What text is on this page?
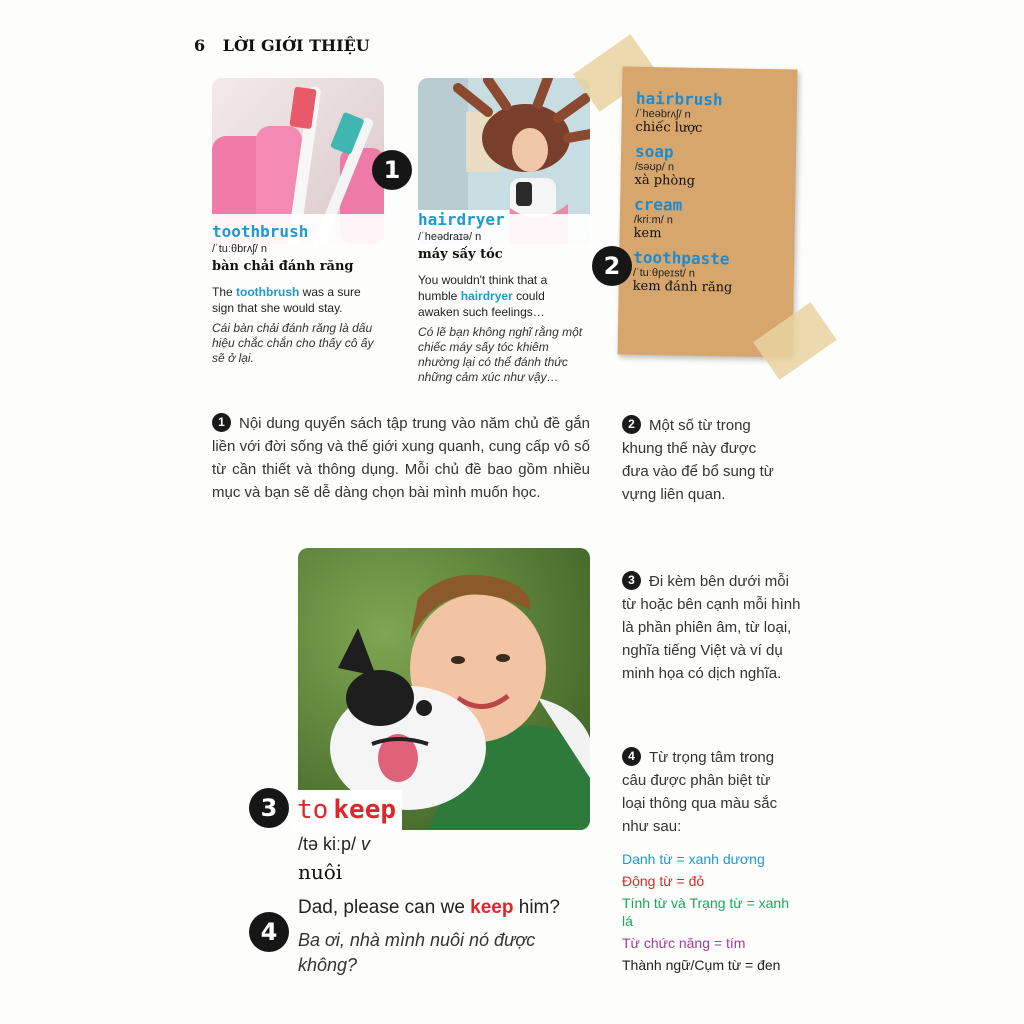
6 LỜI GIỚI THIỆU
1
toothbrush
/ˈtuːθbrʌʃ/ n
bàn chải đánh răng
The toothbrush was a sure sign that she would stay.
Cái bàn chải đánh răng là dấu hiệu chắc chắn cho thấy cô ấy sẽ ở lại.
hairdryer
/ˈheədraɪə/ n
máy sấy tóc
You wouldn't think that a humble hairdryer could awaken such feelings…
Có lẽ bạn không nghĩ rằng một chiếc máy sấy tóc khiêm nhường lại có thể đánh thức những cảm xúc như vậy…
hairbrush
/ˈheəbrʌʃ/ n
chiếc lược
soap
/səʊp/ n
xà phòng
cream
/kriːm/ n
kem
toothpaste
/ˈtuːθpeɪst/ n
kem đánh răng
2
1 Nội dung quyển sách tập trung vào năm chủ đề gắn liền với đời sống và thế giới xung quanh, cung cấp vô số từ cần thiết và thông dụng. Mỗi chủ đề bao gồm nhiều mục và bạn sẽ dễ dàng chọn bài mình muốn học.
2 Một số từ trong khung thế này được đưa vào để bổ sung từ vựng liên quan.
3
4
to keep
/tə kiːp/ v
nuôi
Dad, please can we keep him?
Ba ơi, nhà mình nuôi nó được không?
3 Đi kèm bên dưới mỗi từ hoặc bên cạnh mỗi hình là phần phiên âm, từ loại, nghĩa tiếng Việt và ví dụ minh họa có dịch nghĩa.
4 Từ trọng tâm trong câu được phân biệt từ loại thông qua màu sắc như sau:
Danh từ = xanh dương
Động từ = đỏ
Tính từ và Trạng từ = xanh lá
Từ chức năng = tím
Thành ngữ/Cụm từ = đen
